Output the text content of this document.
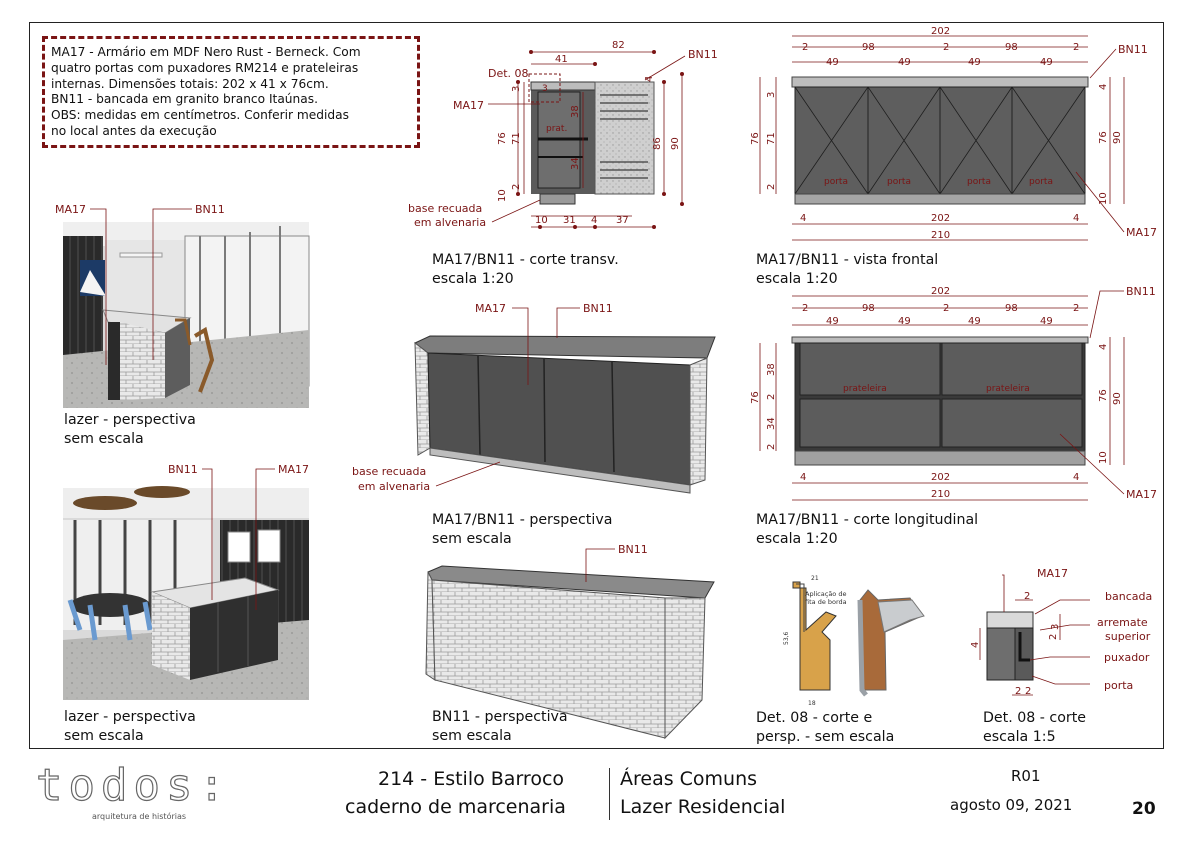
MA17 - Armário em MDF Nero Rust - Berneck. Com
quatro portas com puxadores RM214 e prateleiras
internas. Dimensões totais: 202 x 41 x 76cm.
BN11 - bancada em granito branco Itaúnas.
OBS: medidas em centímetros. Conferir medidas
no local antes da execução
82
41
76 71
38
34
3
2
10
86 90
4
10 31 4 37
3
prat.
Det. 08
MA17
BN11
base recuada
em alvenaria
202
2	98	2	98	2
49	49	49	49
76 71
3
2
4
76 90
10
4	202	4
210
porta	porta	porta	porta
BN11
MA17
MA17	BN11
base recuada
em alvenaria
202
2	98	2	98	2
49	49	49	49
76
38
2
34
2
4
76 90
10
4	202	4
210
prateleira	prateleira
BN11
MA17
BN11
Aplicação de
fita de borda
21
18
53,6
MA17
bancada
arremate
superior
puxador
porta
2
4
3
2
2 2
MA17	BN11
BN11	MA17
lazer - perspectiva
sem escala
lazer - perspectiva
sem escala
MA17/BN11 - corte transv.
escala 1:20
MA17/BN11 - vista frontal
escala 1:20
MA17/BN11 - perspectiva
sem escala
MA17/BN11 - corte longitudinal
escala 1:20
BN11 - perspectiva
sem escala
Det. 08 - corte e
persp. - sem escala
Det. 08 - corte
escala 1:5
todos:
arquitetura de histórias
214 - Estilo Barroco
caderno de marcenaria
Áreas Comuns
Lazer Residencial
R01
agosto 09, 2021	20
